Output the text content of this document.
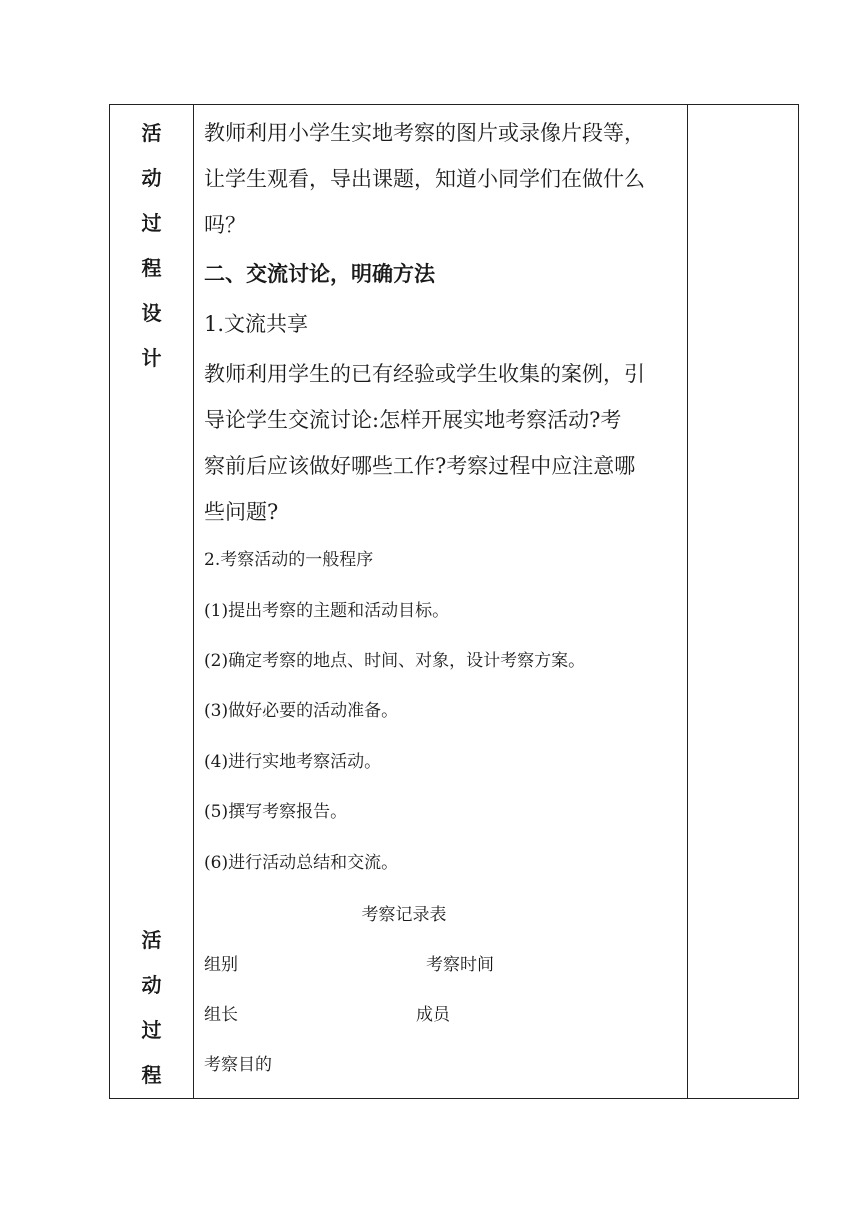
活
动
过
程
设
计
活
动
过
程
教师利用小学生实地考察的图片或录像片段等，
让学生观看，导出课题，知道小同学们在做什么
吗？
二、交流讨论，明确方法
1.文流共享
教师利用学生的已有经验或学生收集的案例，引
导论学生交流讨论:怎样开展实地考察活动?考
察前后应该做好哪些工作?考察过程中应注意哪
些问题?
2.考察活动的一般程序
(1)提出考察的主题和活动目标。
(2)确定考察的地点、时间、对象，设计考察方案。
(3)做好必要的活动准备。
(4)进行实地考察活动。
(5)撰写考察报告。
(6)进行活动总结和交流。
考察记录表
组别	考察时间
组长	成员
考察目的
